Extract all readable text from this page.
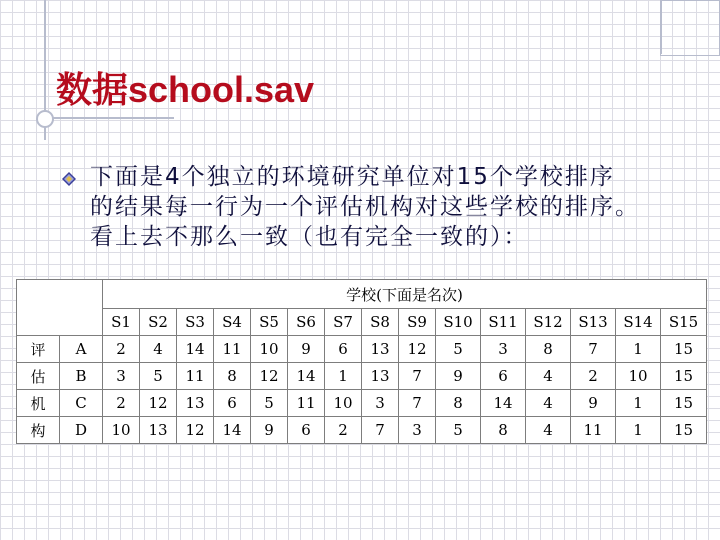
数据school.sav
下面是4个独立的环境研究单位对15个学校排序
的结果每一行为一个评估机构对这些学校的排序。
看上去不那么一致（也有完全一致的）：
		学校(下面是名次)														
		S1	S2	S3	S4	S5	S6	S7	S8	S9	S10	S11	S12	S13	S14	S15
评	A	2	4	14	11	10	9	6	13	12	5	3	8	7	1	15
估	B	3	5	11	8	12	14	1	13	7	9	6	4	2	10	15
机	C	2	12	13	6	5	11	10	3	7	8	14	4	9	1	15
构	D	10	13	12	14	9	6	2	7	3	5	8	4	11	1	15
